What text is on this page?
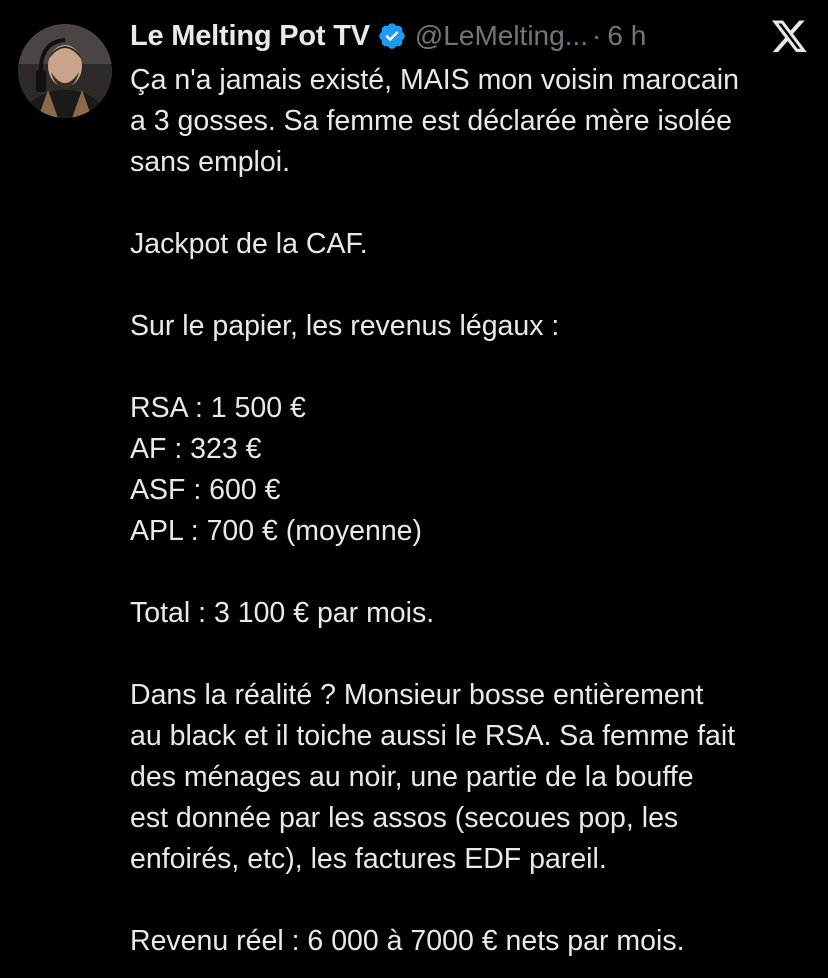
Le Melting Pot TV @LeMelting... · 6 h
Ça n'a jamais existé, MAIS mon voisin marocain
a 3 gosses. Sa femme est déclarée mère isolée
sans emploi.
Jackpot de la CAF.
Sur le papier, les revenus légaux :
RSA : 1 500 €
AF : 323 €
ASF : 600 €
APL : 700 € (moyenne)
Total : 3 100 € par mois.
Dans la réalité ? Monsieur bosse entièrement
au black et il toiche aussi le RSA. Sa femme fait
des ménages au noir, une partie de la bouffe
est donnée par les assos (secoues pop, les
enfoirés, etc), les factures EDF pareil.
Revenu réel : 6 000 à 7000 € nets par mois.
